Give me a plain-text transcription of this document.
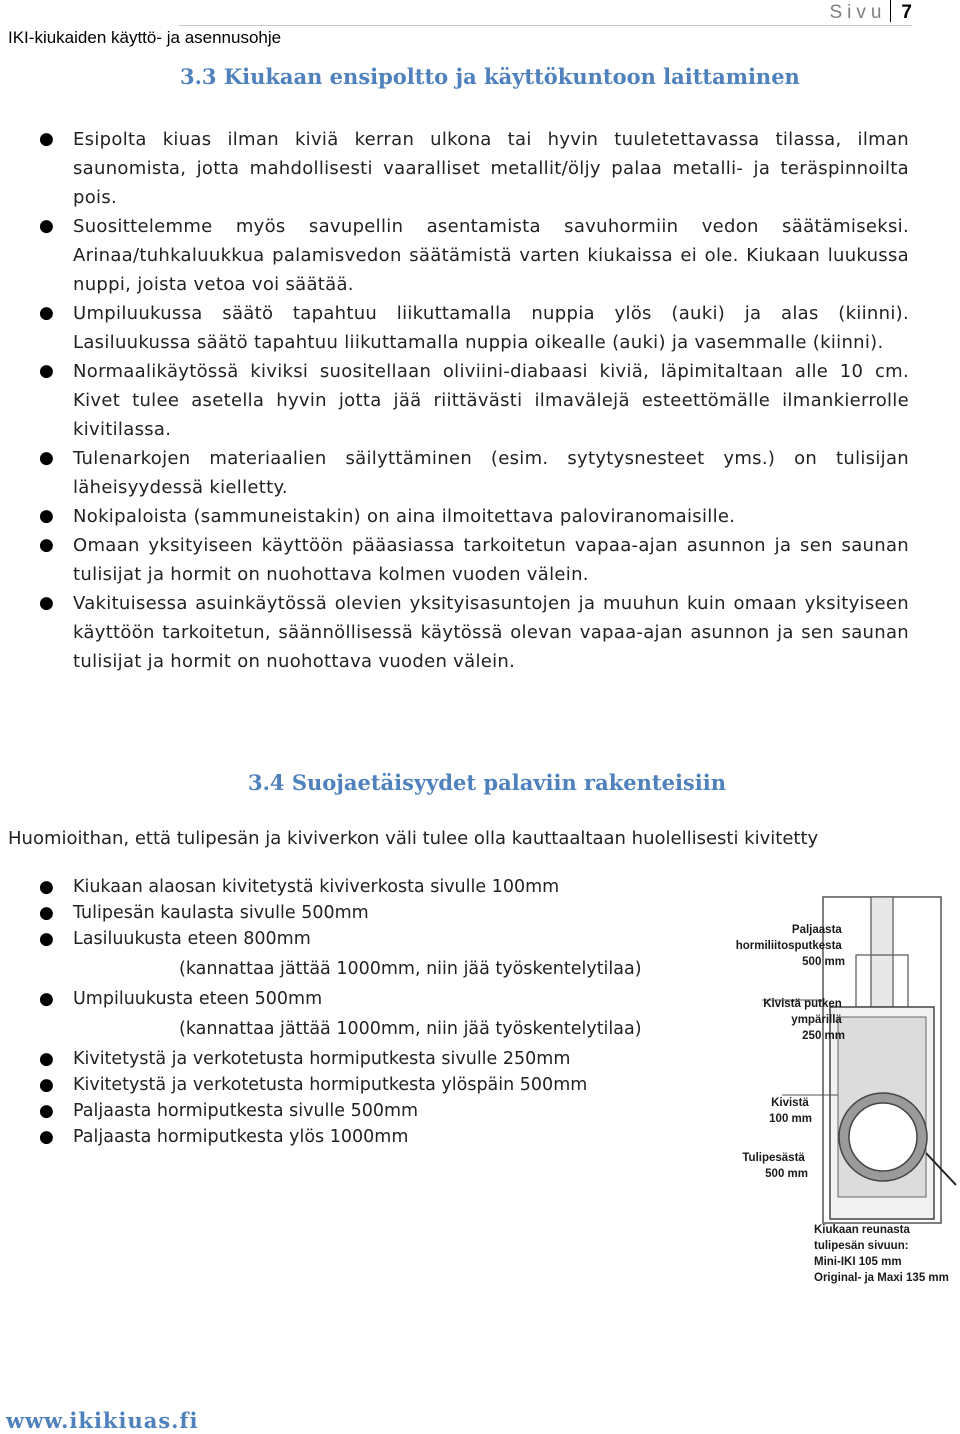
IKI-kiukaiden käyttö- ja asennusohje
Sivu 7
3.3 Kiukaan ensipoltto ja käyttökuntoon laittaminen
● Esipolta kiuas ilman kiviä kerran ulkona tai hyvin tuuletettavassa tilassa, ilman saunomista, jotta mahdollisesti vaaralliset metallit/öljy palaa metalli- ja teräspinnoilta pois.
● Suosittelemme myös savupellin asentamista savuhormiin vedon säätämiseksi. Arinaa/tuhkaluukkua palamisvedon säätämistä varten kiukaissa ei ole. Kiukaan luukussa nuppi, joista vetoa voi säätää.
● Umpiluukussa säätö tapahtuu liikuttamalla nuppia ylös (auki) ja alas (kiinni). Lasiluukussa säätö tapahtuu liikuttamalla nuppia oikealle (auki) ja vasemmalle (kiinni).
● Normaalikäytössä kiviksi suositellaan oliviini-diabaasi kiviä, läpimitaltaan alle 10 cm. Kivet tulee asetella hyvin jotta jää riittävästi ilmavälejä esteettömälle ilmankierrolle kivitilassa.
● Tulenarkojen materiaalien säilyttäminen (esim. sytytysnesteet yms.) on tulisijan läheisyydessä kielletty.
● Nokipaloista (sammuneistakin) on aina ilmoitettava paloviranomaisille.
● Omaan yksityiseen käyttöön pääasiassa tarkoitetun vapaa-ajan asunnon ja sen saunan tulisijat ja hormit on nuohottava kolmen vuoden välein.
● Vakituisessa asuinkäytössä olevien yksityisasuntojen ja muuhun kuin omaan yksityiseen käyttöön tarkoitetun, säännöllisessä käytössä olevan vapaa-ajan asunnon ja sen saunan tulisijat ja hormit on nuohottava vuoden välein.
3.4 Suojaetäisyydet palaviin rakenteisiin
Huomioithan, että tulipesän ja kiviverkon väli tulee olla kauttaaltaan huolellisesti kivitetty
● Kiukaan alaosan kivitetystä kiviverkosta sivulle 100mm
● Tulipesän kaulasta sivulle 500mm
● Lasiluukusta eteen 800mm
(kannattaa jättää 1000mm, niin jää työskentelytilaa)
● Umpiluukusta eteen 500mm
(kannattaa jättää 1000mm, niin jää työskentelytilaa)
● Kivitetystä ja verkotetusta hormiputkesta sivulle 250mm
● Kivitetystä ja verkotetusta hormiputkesta ylöspäin 500mm
● Paljaasta hormiputkesta sivulle 500mm
● Paljaasta hormiputkesta ylös 1000mm
Paljaasta hormiliitosputkesta 500 mm
Kivistä putken ympärillä 250 mm
Kivistä 100 mm
Tulipesästä 500 mm
Kiukaan reunasta tulipesän sivuun: Mini-IKI 105 mm Original- ja Maxi 135 mm
www.ikikiuas.fi
